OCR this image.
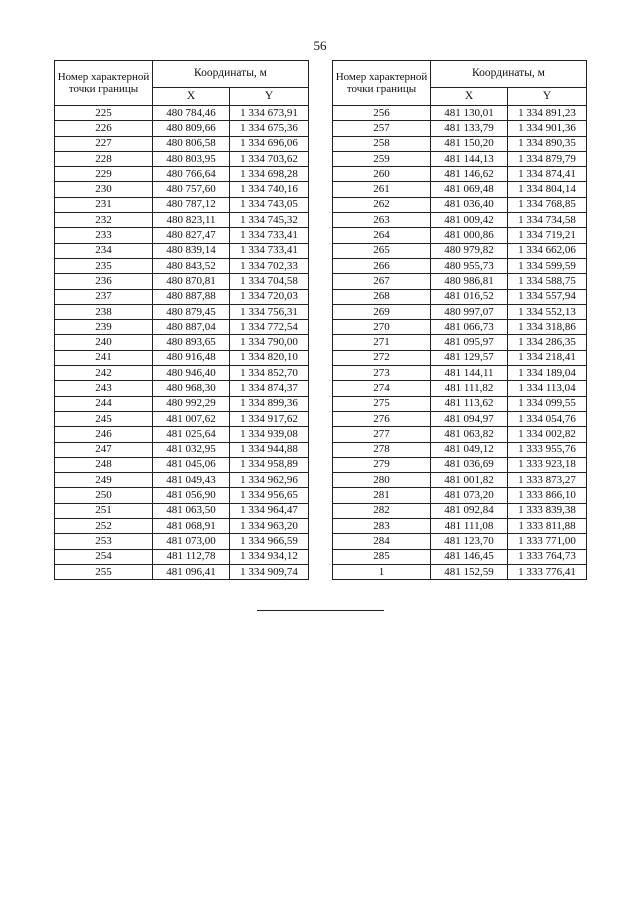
56
Номер характерной точки границы	Координаты, м	
	X	Y
225	480 784,46	1 334 673,91
226	480 809,66	1 334 675,36
227	480 806,58	1 334 696,06
228	480 803,95	1 334 703,62
229	480 766,64	1 334 698,28
230	480 757,60	1 334 740,16
231	480 787,12	1 334 743,05
232	480 823,11	1 334 745,32
233	480 827,47	1 334 733,41
234	480 839,14	1 334 733,41
235	480 843,52	1 334 702,33
236	480 870,81	1 334 704,58
237	480 887,88	1 334 720,03
238	480 879,45	1 334 756,31
239	480 887,04	1 334 772,54
240	480 893,65	1 334 790,00
241	480 916,48	1 334 820,10
242	480 946,40	1 334 852,70
243	480 968,30	1 334 874,37
244	480 992,29	1 334 899,36
245	481 007,62	1 334 917,62
246	481 025,64	1 334 939,08
247	481 032,95	1 334 944,88
248	481 045,06	1 334 958,89
249	481 049,43	1 334 962,96
250	481 056,90	1 334 956,65
251	481 063,50	1 334 964,47
252	481 068,91	1 334 963,20
253	481 073,00	1 334 966,59
254	481 112,78	1 334 934,12
255	481 096,41	1 334 909,74
Номер характерной точки границы	Координаты, м	
	X	Y
256	481 130,01	1 334 891,23
257	481 133,79	1 334 901,36
258	481 150,20	1 334 890,35
259	481 144,13	1 334 879,79
260	481 146,62	1 334 874,41
261	481 069,48	1 334 804,14
262	481 036,40	1 334 768,85
263	481 009,42	1 334 734,58
264	481 000,86	1 334 719,21
265	480 979,82	1 334 662,06
266	480 955,73	1 334 599,59
267	480 986,81	1 334 588,75
268	481 016,52	1 334 557,94
269	480 997,07	1 334 552,13
270	481 066,73	1 334 318,86
271	481 095,97	1 334 286,35
272	481 129,57	1 334 218,41
273	481 144,11	1 334 189,04
274	481 111,82	1 334 113,04
275	481 113,62	1 334 099,55
276	481 094,97	1 334 054,76
277	481 063,82	1 334 002,82
278	481 049,12	1 333 955,76
279	481 036,69	1 333 923,18
280	481 001,82	1 333 873,27
281	481 073,20	1 333 866,10
282	481 092,84	1 333 839,38
283	481 111,08	1 333 811,88
284	481 123,70	1 333 771,00
285	481 146,45	1 333 764,73
1	481 152,59	1 333 776,41
